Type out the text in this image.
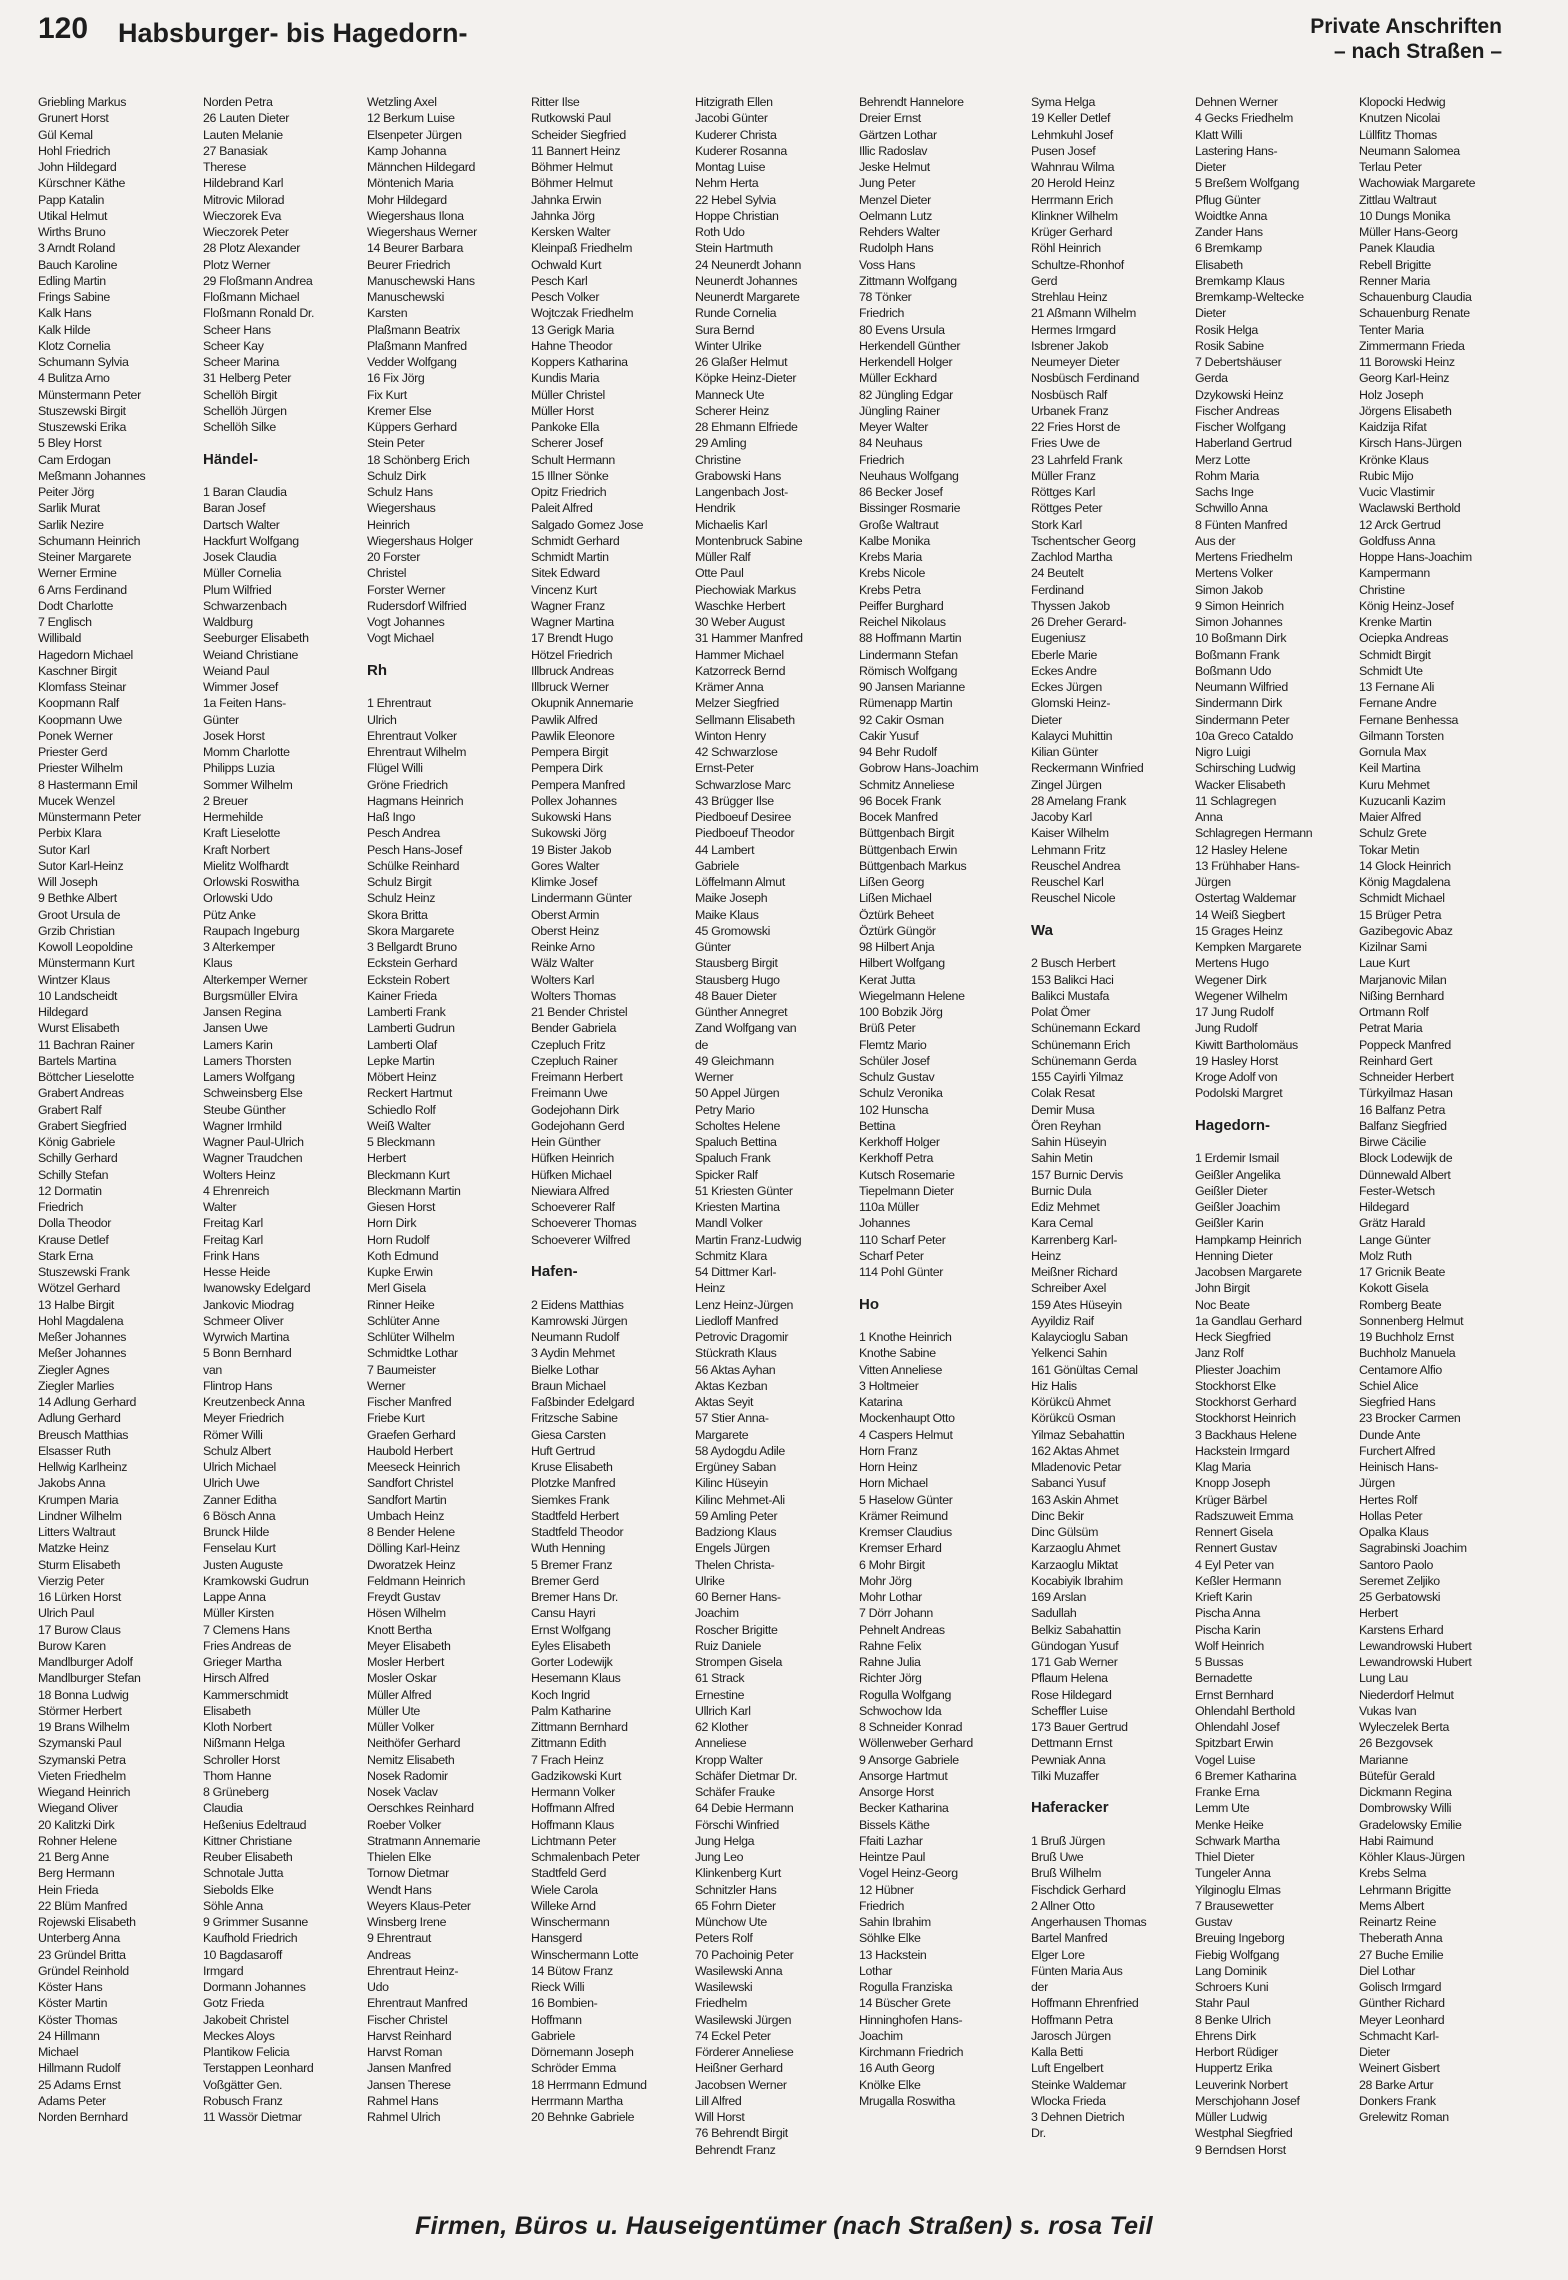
120 Habsburger- bis Hagedorn-	Private Anschriften
– nach Straßen –
Griebling Markus
Grunert Horst
Gül Kemal
Hohl Friedrich
John Hildegard
Kürschner Käthe
Papp Katalin
Utikal Helmut
Wirths Bruno
3 Arndt Roland
Bauch Karoline
Edling Martin
Frings Sabine
Kalk Hans
Kalk Hilde
Klotz Cornelia
Schumann Sylvia
4 Bulitza Arno
Münstermann Peter
Stuszewski Birgit
Stuszewski Erika
5 Bley Horst
Cam Erdogan
Meßmann Johannes
Peiter Jörg
Sarlik Murat
Sarlik Nezire
Schumann Heinrich
Steiner Margarete
Werner Ermine
6 Arns Ferdinand
Dodt Charlotte
7 Englisch
Willibald
Hagedorn Michael
Kaschner Birgit
Klomfass Steinar
Koopmann Ralf
Koopmann Uwe
Ponek Werner
Priester Gerd
Priester Wilhelm
8 Hastermann Emil
Mucek Wenzel
Münstermann Peter
Perbix Klara
Sutor Karl
Sutor Karl-Heinz
Will Joseph
9 Bethke Albert
Groot Ursula de
Grzib Christian
Kowoll Leopoldine
Münstermann Kurt
Wintzer Klaus
10 Landscheidt
Hildegard
Wurst Elisabeth
11 Bachran Rainer
Bartels Martina
Böttcher Lieselotte
Grabert Andreas
Grabert Ralf
Grabert Siegfried
König Gabriele
Schilly Gerhard
Schilly Stefan
12 Dormatin
Friedrich
Dolla Theodor
Krause Detlef
Stark Erna
Stuszewski Frank
Wötzel Gerhard
13 Halbe Birgit
Hohl Magdalena
Meßer Johannes
Meßer Johannes
Ziegler Agnes
Ziegler Marlies
14 Adlung Gerhard
Adlung Gerhard
Breusch Matthias
Elsasser Ruth
Hellwig Karlheinz
Jakobs Anna
Krumpen Maria
Lindner Wilhelm
Litters Waltraut
Matzke Heinz
Sturm Elisabeth
Vierzig Peter
16 Lürken Horst
Ulrich Paul
17 Burow Claus
Burow Karen
Mandlburger Adolf
Mandlburger Stefan
18 Bonna Ludwig
Störmer Herbert
19 Brans Wilhelm
Szymanski Paul
Szymanski Petra
Vieten Friedhelm
Wiegand Heinrich
Wiegand Oliver
20 Kalitzki Dirk
Rohner Helene
21 Berg Anne
Berg Hermann
Hein Frieda
22 Blüm Manfred
Rojewski Elisabeth
Unterberg Anna
23 Gründel Britta
Gründel Reinhold
Köster Hans
Köster Martin
Köster Thomas
24 Hillmann
Michael
Hillmann Rudolf
25 Adams Ernst
Adams Peter
Norden Bernhard
Norden Petra
26 Lauten Dieter
Lauten Melanie
27 Banasiak
Therese
Hildebrand Karl
Mitrovic Milorad
Wieczorek Eva
Wieczorek Peter
28 Plotz Alexander
Plotz Werner
29 Floßmann Andrea
Floßmann Michael
Floßmann Ronald Dr.
Scheer Hans
Scheer Kay
Scheer Marina
31 Helberg Peter
Schellöh Birgit
Schellöh Jürgen
Schellöh Silke

Händel-

1 Baran Claudia
Baran Josef
Dartsch Walter
Hackfurt Wolfgang
Josek Claudia
Müller Cornelia
Plum Wilfried
Schwarzenbach
Waldburg
Seeburger Elisabeth
Weiand Christiane
Weiand Paul
Wimmer Josef
1a Feiten Hans-
Günter
Josek Horst
Momm Charlotte
Philipps Luzia
Sommer Wilhelm
2 Breuer
Hermehilde
Kraft Lieselotte
Kraft Norbert
Mielitz Wolfhardt
Orlowski Roswitha
Orlowski Udo
Pütz Anke
Raupach Ingeburg
3 Alterkemper
Klaus
Alterkemper Werner
Burgsmüller Elvira
Jansen Regina
Jansen Uwe
Lamers Karin
Lamers Thorsten
Lamers Wolfgang
Schweinsberg Else
Steube Günther
Wagner Irmhild
Wagner Paul-Ulrich
Wagner Traudchen
Wolters Heinz
4 Ehrenreich
Walter
Freitag Karl
Freitag Karl
Frink Hans
Hesse Heide
Iwanowsky Edelgard
Jankovic Miodrag
Schmeer Oliver
Wyrwich Martina
5 Bonn Bernhard
van
Flintrop Hans
Kreutzenbeck Anna
Meyer Friedrich
Römer Willi
Schulz Albert
Ulrich Michael
Ulrich Uwe
Zanner Editha
6 Bösch Anna
Brunck Hilde
Fenselau Kurt
Justen Auguste
Kramkowski Gudrun
Lappe Anna
Müller Kirsten
7 Clemens Hans
Fries Andreas de
Grieger Martha
Hirsch Alfred
Kammerschmidt
Elisabeth
Kloth Norbert
Nißmann Helga
Schroller Horst
Thom Hanne
8 Grüneberg
Claudia
Heßenius Edeltraud
Kittner Christiane
Reuber Elisabeth
Schnotale Jutta
Siebolds Elke
Söhle Anna
9 Grimmer Susanne
Kaufhold Friedrich
10 Bagdasaroff
Irmgard
Dormann Johannes
Gotz Frieda
Jakobeit Christel
Meckes Aloys
Plantikow Felicia
Terstappen Leonhard
Voßgätter Gen.
Robusch Franz
11 Wassör Dietmar
Wetzling Axel
12 Berkum Luise
Elsenpeter Jürgen
Kamp Johanna
Männchen Hildegard
Möntenich Maria
Mohr Hildegard
Wiegershaus Ilona
Wiegershaus Werner
14 Beurer Barbara
Beurer Friedrich
Manuschewski Hans
Manuschewski
Karsten
Plaßmann Beatrix
Plaßmann Manfred
Vedder Wolfgang
16 Fix Jörg
Fix Kurt
Kremer Else
Küppers Gerhard
Stein Peter
18 Schönberg Erich
Schulz Dirk
Schulz Hans
Wiegershaus
Heinrich
Wiegershaus Holger
20 Forster
Christel
Forster Werner
Rudersdorf Wilfried
Vogt Johannes
Vogt Michael

Rh

1 Ehrentraut
Ulrich
Ehrentraut Volker
Ehrentraut Wilhelm
Flügel Willi
Gröne Friedrich
Hagmans Heinrich
Haß Ingo
Pesch Andrea
Pesch Hans-Josef
Schülke Reinhard
Schulz Birgit
Schulz Heinz
Skora Britta
Skora Margarete
3 Bellgardt Bruno
Eckstein Gerhard
Eckstein Robert
Kainer Frieda
Lamberti Frank
Lamberti Gudrun
Lamberti Olaf
Lepke Martin
Möbert Heinz
Reckert Hartmut
Schiedlo Rolf
Weiß Walter
5 Bleckmann
Herbert
Bleckmann Kurt
Bleckmann Martin
Giesen Horst
Horn Dirk
Horn Rudolf
Koth Edmund
Kupke Erwin
Merl Gisela
Rinner Heike
Schlüter Anne
Schlüter Wilhelm
Schmidtke Lothar
7 Baumeister
Werner
Fischer Manfred
Friebe Kurt
Graefen Gerhard
Haubold Herbert
Meeseck Heinrich
Sandfort Christel
Sandfort Martin
Umbach Heinz
8 Bender Helene
Dölling Karl-Heinz
Dworatzek Heinz
Feldmann Heinrich
Freydt Gustav
Hösen Wilhelm
Knott Bertha
Meyer Elisabeth
Mosler Herbert
Mosler Oskar
Müller Alfred
Müller Ute
Müller Volker
Neithöfer Gerhard
Nemitz Elisabeth
Nosek Radomir
Nosek Vaclav
Oerschkes Reinhard
Roeber Volker
Stratmann Annemarie
Thielen Elke
Tornow Dietmar
Wendt Hans
Weyers Klaus-Peter
Winsberg Irene
9 Ehrentraut
Andreas
Ehrentraut Heinz-
Udo
Ehrentraut Manfred
Fischer Christel
Harvst Reinhard
Harvst Roman
Jansen Manfred
Jansen Therese
Rahmel Hans
Rahmel Ulrich
Ritter Ilse
Rutkowski Paul
Scheider Siegfried
11 Bannert Heinz
Böhmer Helmut
Böhmer Helmut
Jahnka Erwin
Jahnka Jörg
Kersken Walter
Kleinpaß Friedhelm
Ochwald Kurt
Pesch Karl
Pesch Volker
Wojtczak Friedhelm
13 Gerigk Maria
Hahne Theodor
Koppers Katharina
Kundis Maria
Müller Christel
Müller Horst
Pankoke Ella
Scherer Josef
Schult Hermann
15 Illner Sönke
Opitz Friedrich
Paleit Alfred
Salgado Gomez Jose
Schmidt Gerhard
Schmidt Martin
Sitek Edward
Vincenz Kurt
Wagner Franz
Wagner Martina
17 Brendt Hugo
Hötzel Friedrich
Illbruck Andreas
Illbruck Werner
Okupnik Annemarie
Pawlik Alfred
Pawlik Eleonore
Pempera Birgit
Pempera Dirk
Pempera Manfred
Pollex Johannes
Sukowski Hans
Sukowski Jörg
19 Bister Jakob
Gores Walter
Klimke Josef
Lindermann Günter
Oberst Armin
Oberst Heinz
Reinke Arno
Wälz Walter
Wolters Karl
Wolters Thomas
21 Bender Christel
Bender Gabriela
Czepluch Fritz
Czepluch Rainer
Freimann Herbert
Freimann Uwe
Godejohann Dirk
Godejohann Gerd
Hein Günther
Hüfken Heinrich
Hüfken Michael
Niewiara Alfred
Schoeverer Ralf
Schoeverer Thomas
Schoeverer Wilfred

Hafen-

2 Eidens Matthias
Kamrowski Jürgen
Neumann Rudolf
3 Aydin Mehmet
Bielke Lothar
Braun Michael
Faßbinder Edelgard
Fritzsche Sabine
Giesa Carsten
Huft Gertrud
Kruse Elisabeth
Plotzke Manfred
Siemkes Frank
Stadtfeld Herbert
Stadtfeld Theodor
Wuth Henning
5 Bremer Franz
Bremer Gerd
Bremer Hans Dr.
Cansu Hayri
Ernst Wolfgang
Eyles Elisabeth
Gorter Lodewijk
Hesemann Klaus
Koch Ingrid
Palm Katharine
Zittmann Bernhard
Zittmann Edith
7 Frach Heinz
Gadzikowski Kurt
Hermann Volker
Hoffmann Alfred
Hoffmann Klaus
Lichtmann Peter
Schmalenbach Peter
Stadtfeld Gerd
Wiele Carola
Willeke Arnd
Winschermann
Hansgerd
Winschermann Lotte
14 Bütow Franz
Rieck Willi
16 Bombien-
Hoffmann
Gabriele
Dörnemann Joseph
Schröder Emma
18 Herrmann Edmund
Herrmann Martha
20 Behnke Gabriele
Hitzigrath Ellen
Jacobi Günter
Kuderer Christa
Kuderer Rosanna
Montag Luise
Nehm Herta
22 Hebel Sylvia
Hoppe Christian
Roth Udo
Stein Hartmuth
24 Neunerdt Johann
Neunerdt Johannes
Neunerdt Margarete
Runde Cornelia
Sura Bernd
Winter Ulrike
26 Glaßer Helmut
Köpke Heinz-Dieter
Manneck Ute
Scherer Heinz
28 Ehmann Elfriede
29 Amling
Christine
Grabowski Hans
Langenbach Jost-
Hendrik
Michaelis Karl
Montenbruck Sabine
Müller Ralf
Otte Paul
Piechowiak Markus
Waschke Herbert
30 Weber August
31 Hammer Manfred
Hammer Michael
Katzorreck Bernd
Krämer Anna
Melzer Siegfried
Sellmann Elisabeth
Winton Henry
42 Schwarzlose
Ernst-Peter
Schwarzlose Marc
43 Brügger Ilse
Piedboeuf Desiree
Piedboeuf Theodor
44 Lambert
Gabriele
Löffelmann Almut
Maike Joseph
Maike Klaus
45 Gromowski
Günter
Stausberg Birgit
Stausberg Hugo
48 Bauer Dieter
Günther Annegret
Zand Wolfgang van
de
49 Gleichmann
Werner
50 Appel Jürgen
Petry Mario
Scholtes Helene
Spaluch Bettina
Spaluch Frank
Spicker Ralf
51 Kriesten Günter
Kriesten Martina
Mandl Volker
Martin Franz-Ludwig
Schmitz Klara
54 Dittmer Karl-
Heinz
Lenz Heinz-Jürgen
Liedloff Manfred
Petrovic Dragomir
Stückrath Klaus
56 Aktas Ayhan
Aktas Kezban
Aktas Seyit
57 Stier Anna-
Margarete
58 Aydogdu Adile
Ergüney Saban
Kilinc Hüseyin
Kilinc Mehmet-Ali
59 Amling Peter
Badziong Klaus
Engels Jürgen
Thelen Christa-
Ulrike
60 Berner Hans-
Joachim
Roscher Brigitte
Ruiz Daniele
Strompen Gisela
61 Strack
Ernestine
Ullrich Karl
62 Klother
Anneliese
Kropp Walter
Schäfer Dietmar Dr.
Schäfer Frauke
64 Debie Hermann
Förschi Winfried
Jung Helga
Jung Leo
Klinkenberg Kurt
Schnitzler Hans
65 Fohrn Dieter
Münchow Ute
Peters Rolf
70 Pachoinig Peter
Wasilewski Anna
Wasilewski
Friedhelm
Wasilewski Jürgen
74 Eckel Peter
Förderer Anneliese
Heißner Gerhard
Jacobsen Werner
Lill Alfred
Will Horst
76 Behrendt Birgit
Behrendt Franz
Behrendt Hannelore
Dreier Ernst
Gärtzen Lothar
Illic Radoslav
Jeske Helmut
Jung Peter
Menzel Dieter
Oelmann Lutz
Rehders Walter
Rudolph Hans
Voss Hans
Zittmann Wolfgang
78 Tönker
Friedrich
80 Evens Ursula
Herkendell Günther
Herkendell Holger
Müller Eckhard
82 Jüngling Edgar
Jüngling Rainer
Meyer Walter
84 Neuhaus
Friedrich
Neuhaus Wolfgang
86 Becker Josef
Bissinger Rosmarie
Große Waltraut
Kalbe Monika
Krebs Maria
Krebs Nicole
Krebs Petra
Peiffer Burghard
Reichel Nikolaus
88 Hoffmann Martin
Lindermann Stefan
Römisch Wolfgang
90 Jansen Marianne
Rümenapp Martin
92 Cakir Osman
Cakir Yusuf
94 Behr Rudolf
Gobrow Hans-Joachim
Schmitz Anneliese
96 Bocek Frank
Bocek Manfred
Büttgenbach Birgit
Büttgenbach Erwin
Büttgenbach Markus
Lißen Georg
Lißen Michael
Öztürk Beheet
Öztürk Güngör
98 Hilbert Anja
Hilbert Wolfgang
Kerat Jutta
Wiegelmann Helene
100 Bobzik Jörg
Brüß Peter
Flemtz Mario
Schüler Josef
Schulz Gustav
Schulz Veronika
102 Hunscha
Bettina
Kerkhoff Holger
Kerkhoff Petra
Kutsch Rosemarie
Tiepelmann Dieter
110a Müller
Johannes
110 Scharf Peter
Scharf Peter
114 Pohl Günter

Ho

1 Knothe Heinrich
Knothe Sabine
Vitten Anneliese
3 Holtmeier
Katarina
Mockenhaupt Otto
4 Caspers Helmut
Horn Franz
Horn Heinz
Horn Michael
5 Haselow Günter
Krämer Reimund
Kremser Claudius
Kremser Erhard
6 Mohr Birgit
Mohr Jörg
Mohr Lothar
7 Dörr Johann
Pehnelt Andreas
Rahne Felix
Rahne Julia
Richter Jörg
Rogulla Wolfgang
Schwochow Ida
8 Schneider Konrad
Wöllenweber Gerhard
9 Ansorge Gabriele
Ansorge Hartmut
Ansorge Horst
Becker Katharina
Bissels Käthe
Ffaiti Lazhar
Heintze Paul
Vogel Heinz-Georg
12 Hübner
Friedrich
Sahin Ibrahim
Söhlke Elke
13 Hackstein
Lothar
Rogulla Franziska
14 Büscher Grete
Hinninghofen Hans-
Joachim
Kirchmann Friedrich
16 Auth Georg
Knölke Elke
Mrugalla Roswitha
Syma Helga
19 Keller Detlef
Lehmkuhl Josef
Pusen Josef
Wahnrau Wilma
20 Herold Heinz
Herrmann Erich
Klinkner Wilhelm
Krüger Gerhard
Röhl Heinrich
Schultze-Rhonhof
Gerd
Strehlau Heinz
21 Aßmann Wilhelm
Hermes Irmgard
Isbrener Jakob
Neumeyer Dieter
Nosbüsch Ferdinand
Nosbüsch Ralf
Urbanek Franz
22 Fries Horst de
Fries Uwe de
23 Lahrfeld Frank
Müller Franz
Röttges Karl
Röttges Peter
Stork Karl
Tschentscher Georg
Zachlod Martha
24 Beutelt
Ferdinand
Thyssen Jakob
26 Dreher Gerard-
Eugeniusz
Eberle Marie
Eckes Andre
Eckes Jürgen
Glomski Heinz-
Dieter
Kalayci Muhittin
Kilian Günter
Reckermann Winfried
Zingel Jürgen
28 Amelang Frank
Jacoby Karl
Kaiser Wilhelm
Lehmann Fritz
Reuschel Andrea
Reuschel Karl
Reuschel Nicole

Wa

2 Busch Herbert
153 Balikci Haci
Balikci Mustafa
Polat Ömer
Schünemann Eckard
Schünemann Erich
Schünemann Gerda
155 Cayirli Yilmaz
Colak Resat
Demir Musa
Ören Reyhan
Sahin Hüseyin
Sahin Metin
157 Burnic Dervis
Burnic Dula
Ediz Mehmet
Kara Cemal
Karrenberg Karl-
Heinz
Meißner Richard
Schreiber Axel
159 Ates Hüseyin
Ayyildiz Raif
Kalaycioglu Saban
Yelkenci Sahin
161 Gönültas Cemal
Hiz Halis
Körükcü Ahmet
Körükcü Osman
Yilmaz Sebahattin
162 Aktas Ahmet
Mladenovic Petar
Sabanci Yusuf
163 Askin Ahmet
Dinc Bekir
Dinc Gülsüm
Karzaoglu Ahmet
Karzaoglu Miktat
Kocabiyik Ibrahim
169 Arslan
Sadullah
Belkiz Sabahattin
Gündogan Yusuf
171 Gab Werner
Pflaum Helena
Rose Hildegard
Scheffler Luise
173 Bauer Gertrud
Dettmann Ernst
Pewniak Anna
Tilki Muzaffer

Haferacker

1 Bruß Jürgen
Bruß Uwe
Bruß Wilhelm
Fischdick Gerhard
2 Allner Otto
Angerhausen Thomas
Bartel Manfred
Elger Lore
Fünten Maria Aus
der
Hoffmann Ehrenfried
Hoffmann Petra
Jarosch Jürgen
Kalla Betti
Luft Engelbert
Steinke Waldemar
Wlocka Frieda
3 Dehnen Dietrich
Dr.
Dehnen Werner
4 Gecks Friedhelm
Klatt Willi
Lastering Hans-
Dieter
5 Breßem Wolfgang
Pflug Günter
Woidtke Anna
Zander Hans
6 Bremkamp
Elisabeth
Bremkamp Klaus
Bremkamp-Weltecke
Dieter
Rosik Helga
Rosik Sabine
7 Debertshäuser
Gerda
Dzykowski Heinz
Fischer Andreas
Fischer Wolfgang
Haberland Gertrud
Merz Lotte
Rohm Maria
Sachs Inge
Schwillo Anna
8 Fünten Manfred
Aus der
Mertens Friedhelm
Mertens Volker
Simon Jakob
9 Simon Heinrich
Simon Johannes
10 Boßmann Dirk
Boßmann Frank
Boßmann Udo
Neumann Wilfried
Sindermann Dirk
Sindermann Peter
10a Greco Cataldo
Nigro Luigi
Schirsching Ludwig
Wacker Elisabeth
11 Schlagregen
Anna
Schlagregen Hermann
12 Hasley Helene
13 Frühhaber Hans-
Jürgen
Ostertag Waldemar
14 Weiß Siegbert
15 Grages Heinz
Kempken Margarete
Mertens Hugo
Wegener Dirk
Wegener Wilhelm
17 Jung Rudolf
Jung Rudolf
Kiwitt Bartholomäus
19 Hasley Horst
Kroge Adolf von
Podolski Margret

Hagedorn-

1 Erdemir Ismail
Geißler Angelika
Geißler Dieter
Geißler Joachim
Geißler Karin
Hampkamp Heinrich
Henning Dieter
Jacobsen Margarete
John Birgit
Noc Beate
1a Gandlau Gerhard
Heck Siegfried
Janz Rolf
Pliester Joachim
Stockhorst Elke
Stockhorst Gerhard
Stockhorst Heinrich
3 Backhaus Helene
Hackstein Irmgard
Klag Maria
Knopp Joseph
Krüger Bärbel
Radszuweit Emma
Rennert Gisela
Rennert Gustav
4 Eyl Peter van
Keßler Hermann
Krieft Karin
Pischa Anna
Pischa Karin
Wolf Heinrich
5 Bussas
Bernadette
Ernst Bernhard
Ohlendahl Berthold
Ohlendahl Josef
Spitzbart Erwin
Vogel Luise
6 Bremer Katharina
Franke Erna
Lemm Ute
Menke Heike
Schwark Martha
Thiel Dieter
Tungeler Anna
Yilginoglu Elmas
7 Brausewetter
Gustav
Breuing Ingeborg
Fiebig Wolfgang
Lang Dominik
Schroers Kuni
Stahr Paul
8 Benke Ulrich
Ehrens Dirk
Herbort Rüdiger
Huppertz Erika
Leuverink Norbert
Merschjohann Josef
Müller Ludwig
Westphal Siegfried
9 Berndsen Horst
Klopocki Hedwig
Knutzen Nicolai
Lüllfitz Thomas
Neumann Salomea
Terlau Peter
Wachowiak Margarete
Zittlau Waltraut
10 Dungs Monika
Müller Hans-Georg
Panek Klaudia
Rebell Brigitte
Renner Maria
Schauenburg Claudia
Schauenburg Renate
Tenter Maria
Zimmermann Frieda
11 Borowski Heinz
Georg Karl-Heinz
Holz Joseph
Jörgens Elisabeth
Kaidzija Rifat
Kirsch Hans-Jürgen
Krönke Klaus
Rubic Mijo
Vucic Vlastimir
Waclawski Berthold
12 Arck Gertrud
Goldfuss Anna
Hoppe Hans-Joachim
Kampermann
Christine
König Heinz-Josef
Krenke Martin
Ociepka Andreas
Schmidt Birgit
Schmidt Ute
13 Fernane Ali
Fernane Andre
Fernane Benhessa
Gilmann Torsten
Gornula Max
Keil Martina
Kuru Mehmet
Kuzucanli Kazim
Maier Alfred
Schulz Grete
Tokar Metin
14 Glock Heinrich
König Magdalena
Schmidt Michael
15 Brüger Petra
Gazibegovic Abaz
Kizilnar Sami
Laue Kurt
Marjanovic Milan
Nißing Bernhard
Ortmann Rolf
Petrat Maria
Poppeck Manfred
Reinhard Gert
Schneider Herbert
Türkyilmaz Hasan
16 Balfanz Petra
Balfanz Siegfried
Birwe Cäcilie
Block Lodewijk de
Dünnewald Albert
Fester-Wetsch
Hildegard
Grätz Harald
Lange Günter
Molz Ruth
17 Gricnik Beate
Kokott Gisela
Romberg Beate
Sonnenberg Helmut
19 Buchholz Ernst
Buchholz Manuela
Centamore Alfio
Schiel Alice
Siegfried Hans
23 Brocker Carmen
Dunde Ante
Furchert Alfred
Heinisch Hans-
Jürgen
Hertes Rolf
Hollas Peter
Opalka Klaus
Sagrabinski Joachim
Santoro Paolo
Seremet Zeljiko
25 Gerbatowski
Herbert
Karstens Erhard
Lewandrowski Hubert
Lewandrowski Hubert
Lung Lau
Niederdorf Helmut
Vukas Ivan
Wyleczelek Berta
26 Bezgovsek
Marianne
Bütefür Gerald
Dickmann Regina
Dombrowsky Willi
Gradelowsky Emilie
Habi Raimund
Köhler Klaus-Jürgen
Krebs Selma
Lehrmann Brigitte
Mems Albert
Reinartz Reine
Theberath Anna
27 Buche Emilie
Diel Lothar
Golisch Irmgard
Günther Richard
Meyer Leonhard
Schmacht Karl-
Dieter
Weinert Gisbert
28 Barke Artur
Donkers Frank
Grelewitz Roman
Firmen, Büros u. Hauseigentümer (nach Straßen) s. rosa Teil
